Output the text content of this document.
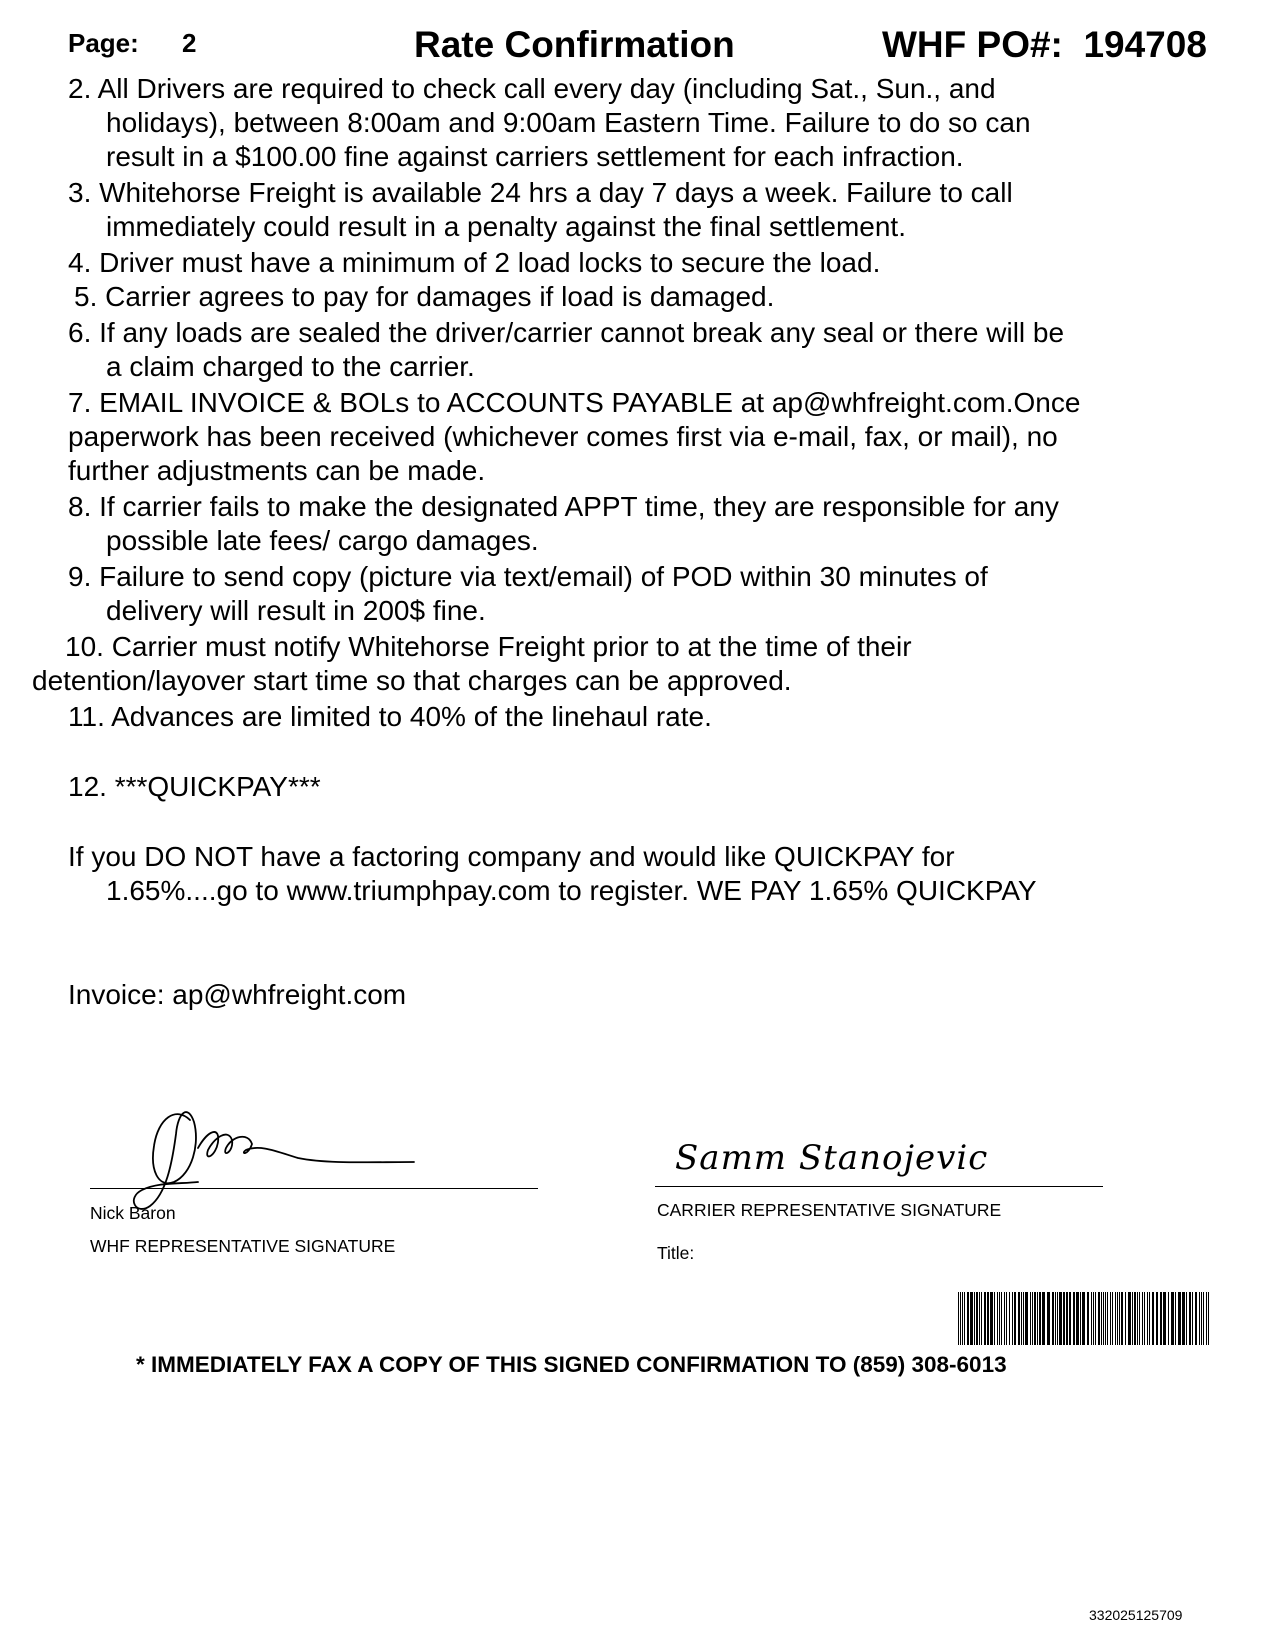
Page: 2	Rate Confirmation	WHF PO#: 194708
2. All Drivers are required to check call every day (including Sat., Sun., and
holidays), between 8:00am and 9:00am Eastern Time. Failure to do so can
result in a $100.00 fine against carriers settlement for each infraction.
3. Whitehorse Freight is available 24 hrs a day 7 days a week. Failure to call
immediately could result in a penalty against the final settlement.
4. Driver must have a minimum of 2 load locks to secure the load.
5. Carrier agrees to pay for damages if load is damaged.
6. If any loads are sealed the driver/carrier cannot break any seal or there will be
a claim charged to the carrier.
7. EMAIL INVOICE & BOLs to ACCOUNTS PAYABLE at ap@whfreight.com.Once
paperwork has been received (whichever comes first via e-mail, fax, or mail), no
further adjustments can be made.
8. If carrier fails to make the designated APPT time, they are responsible for any
possible late fees/ cargo damages.
9. Failure to send copy (picture via text/email) of POD within 30 minutes of
delivery will result in 200$ fine.
10. Carrier must notify Whitehorse Freight prior to at the time of their
detention/layover start time so that charges can be approved.
11. Advances are limited to 40% of the linehaul rate.
12. ***QUICKPAY***
If you DO NOT have a factoring company and would like QUICKPAY for
1.65%....go to www.triumphpay.com to register. WE PAY 1.65% QUICKPAY
Invoice: ap@whfreight.com
Nick Baron
WHF REPRESENTATIVE SIGNATURE
Samm Stanojevic
CARRIER REPRESENTATIVE SIGNATURE
Title:
* IMMEDIATELY FAX A COPY OF THIS SIGNED CONFIRMATION TO (859) 308-6013
332025125709
